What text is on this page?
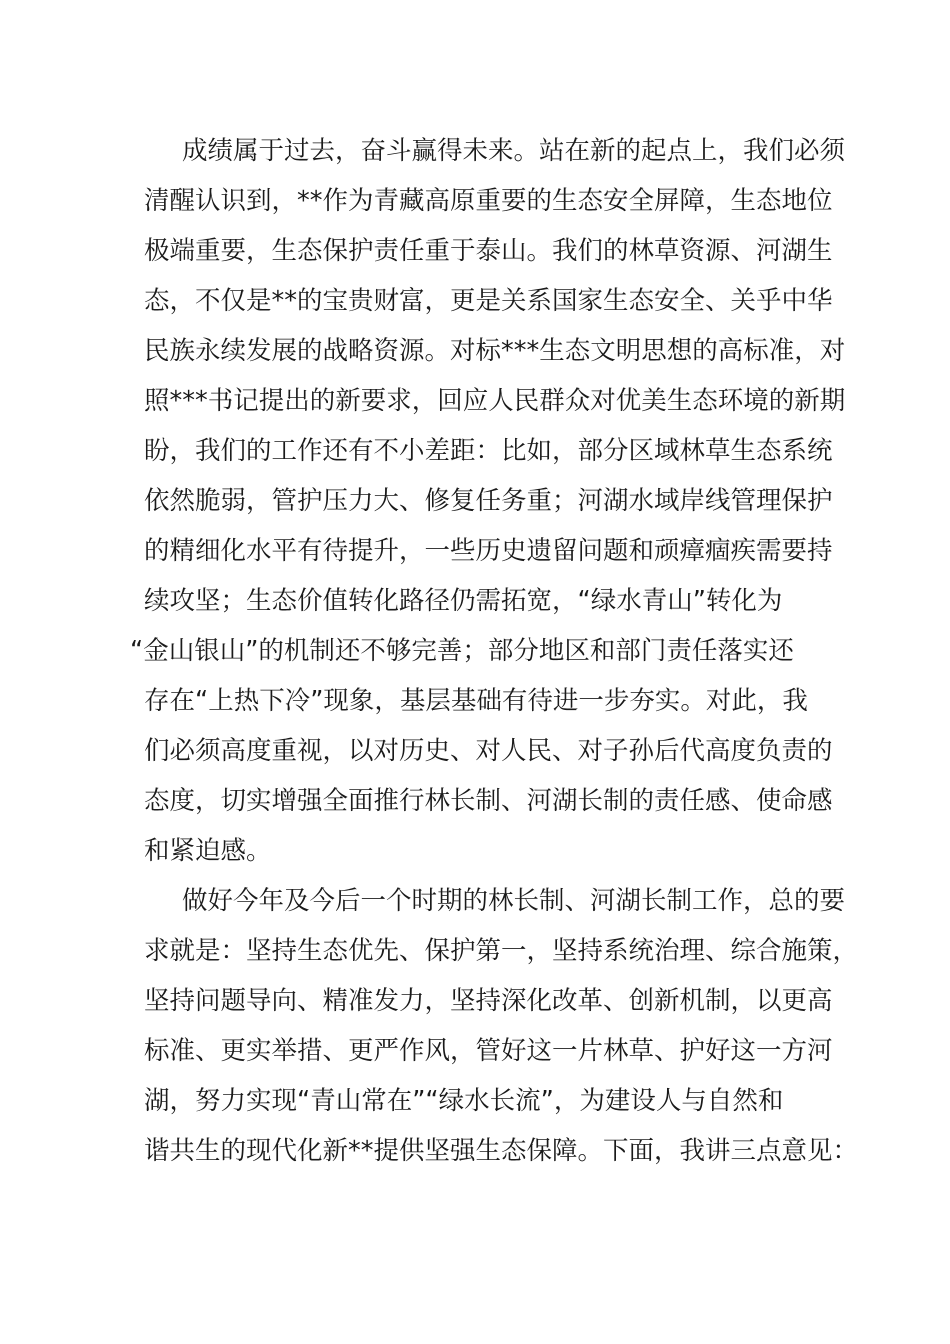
成绩属于过去，奋斗赢得未来。站在新的起点上，我们必须
清醒认识到，**作为青藏高原重要的生态安全屏障，生态地位
极端重要，生态保护责任重于泰山。我们的林草资源、河湖生
态，不仅是**的宝贵财富，更是关系国家生态安全、关乎中华
民族永续发展的战略资源。对标***生态文明思想的高标准，对
照***书记提出的新要求，回应人民群众对优美生态环境的新期
盼，我们的工作还有不小差距：比如，部分区域林草生态系统
依然脆弱，管护压力大、修复任务重；河湖水域岸线管理保护
的精细化水平有待提升，一些历史遗留问题和顽瘴痼疾需要持
续攻坚；生态价值转化路径仍需拓宽，“绿水青山”转化为
“金山银山”的机制还不够完善；部分地区和部门责任落实还
存在“上热下冷”现象，基层基础有待进一步夯实。对此，我
们必须高度重视，以对历史、对人民、对子孙后代高度负责的
态度，切实增强全面推行林长制、河湖长制的责任感、使命感
和紧迫感。
做好今年及今后一个时期的林长制、河湖长制工作，总的要
求就是：坚持生态优先、保护第一，坚持系统治理、综合施策，
坚持问题导向、精准发力，坚持深化改革、创新机制，以更高
标准、更实举措、更严作风，管好这一片林草、护好这一方河
湖，努力实现“青山常在”“绿水长流”，为建设人与自然和
谐共生的现代化新**提供坚强生态保障。下面，我讲三点意见：
